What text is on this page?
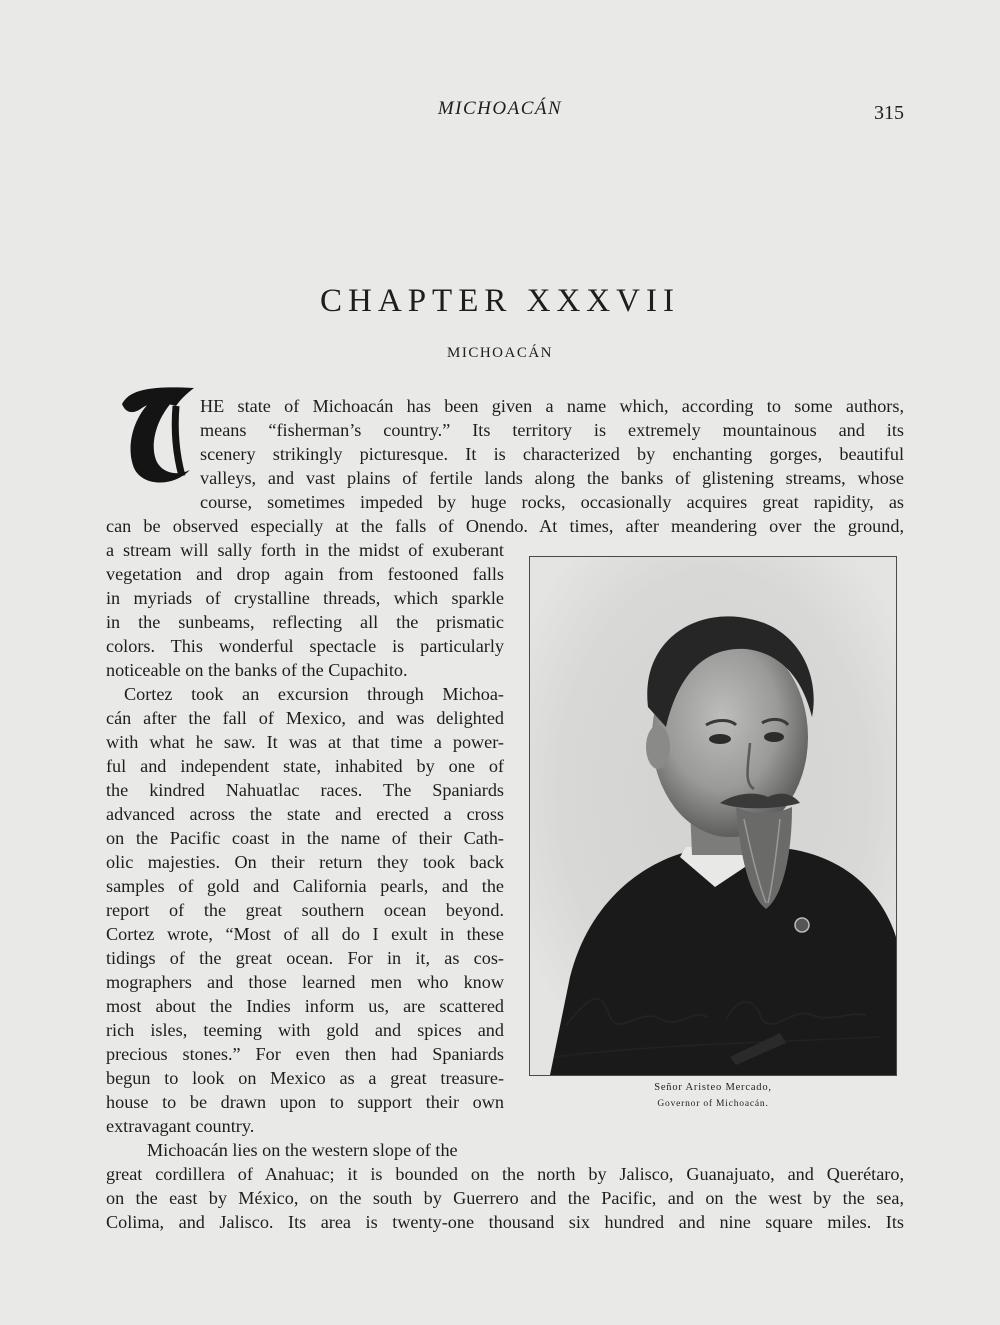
MICHOACÁN	315
CHAPTER XXXVII
MICHOACÁN
T
HE state of Michoacán has been given a name which, according to some authors,
means “fisherman’s country.” Its territory is extremely mountainous and its
scenery strikingly picturesque. It is characterized by enchanting gorges, beautiful
valleys, and vast plains of fertile lands along the banks of glistening streams, whose
course, sometimes impeded by huge rocks, occasionally acquires great rapidity, as
can be observed especially at the falls of Onendo. At times, after meandering over the ground,
a stream will sally forth in the midst of exuberant
vegetation and drop again from festooned falls
in myriads of crystalline threads, which sparkle
in the sunbeams, reflecting all the prismatic
colors. This wonderful spectacle is particularly
noticeable on the banks of the Cupachito.
Cortez took an excursion through Michoa-
cán after the fall of Mexico, and was delighted
with what he saw. It was at that time a power-
ful and independent state, inhabited by one of
the kindred Nahuatlac races. The Spaniards
advanced across the state and erected a cross
on the Pacific coast in the name of their Cath-
olic majesties. On their return they took back
samples of gold and California pearls, and the
report of the great southern ocean beyond.
Cortez wrote, “Most of all do I exult in these
tidings of the great ocean. For in it, as cos-
mographers and those learned men who know
most about the Indies inform us, are scattered
rich isles, teeming with gold and spices and
precious stones.” For even then had Spaniards
begun to look on Mexico as a great treasure-
house to be drawn upon to support their own
extravagant country.
Michoacán lies on the western slope of the
great cordillera of Anahuac; it is bounded on the north by Jalisco, Guanajuato, and Querétaro,
on the east by México, on the south by Guerrero and the Pacific, and on the west by the sea,
Colima, and Jalisco. Its area is twenty-one thousand six hundred and nine square miles. Its
Aristeo Mercado
Señor Aristeo Mercado,
Governor of Michoacán.
